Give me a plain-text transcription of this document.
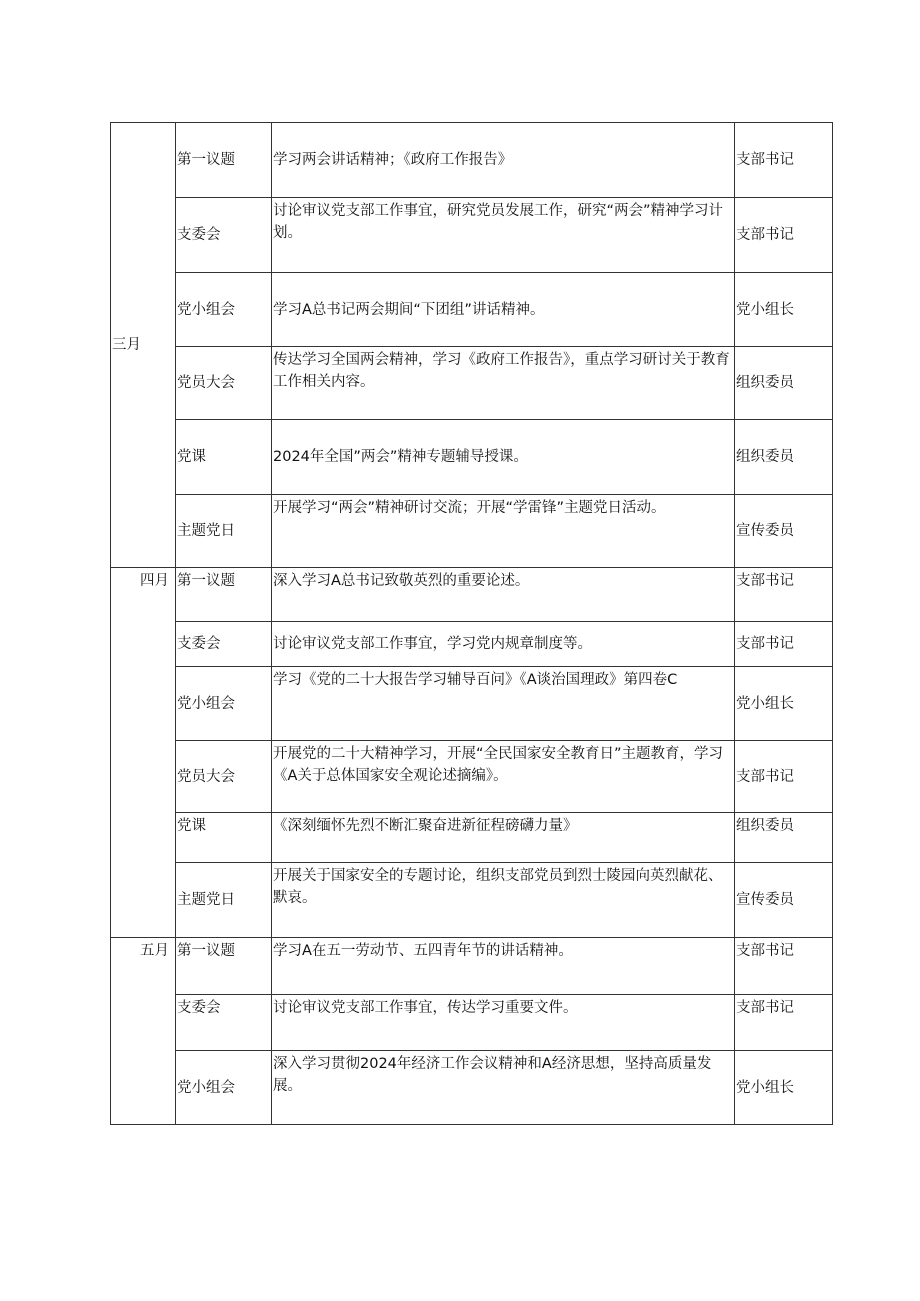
三月	第一议题	学习两会讲话精神；《政府工作报告》	支部书记
	支委会	讨论审议党支部工作事宜，研究党员发展工作，研究“两会”精神学习计划。	支部书记
	党小组会	学习A总书记两会期间“下团组”讲话精神。	党小组长
	党员大会	传达学习全国两会精神，学习《政府工作报告》，重点学习研讨关于教育工作相关内容。	组织委员
	党课	2024年全国”两会”精神专题辅导授课。	组织委员
	主题党日	开展学习“两会”精神研讨交流；开展“学雷锋”主题党日活动。	宣传委员
四月	第一议题	深入学习A总书记致敬英烈的重要论述。	支部书记
	支委会	讨论审议党支部工作事宜，学习党内规章制度等。	支部书记
	党小组会	学习《党的二十大报告学习辅导百问》《A谈治国理政》第四卷C	党小组长
	党员大会	开展党的二十大精神学习，开展“全民国家安全教育日”主题教育，学习《A关于总体国家安全观论述摘编》。	支部书记
	党课	《深刻缅怀先烈不断汇聚奋进新征程磅礴力量》	组织委员
	主题党日	开展关于国家安全的专题讨论，组织支部党员到烈士陵园向英烈献花、默哀。	宣传委员
五月	第一议题	学习A在五一劳动节、五四青年节的讲话精神。	支部书记
	支委会	讨论审议党支部工作事宜，传达学习重要文件。	支部书记
	党小组会	深入学习贯彻2024年经济工作会议精神和A经济思想，坚持高质量发展。	党小组长
